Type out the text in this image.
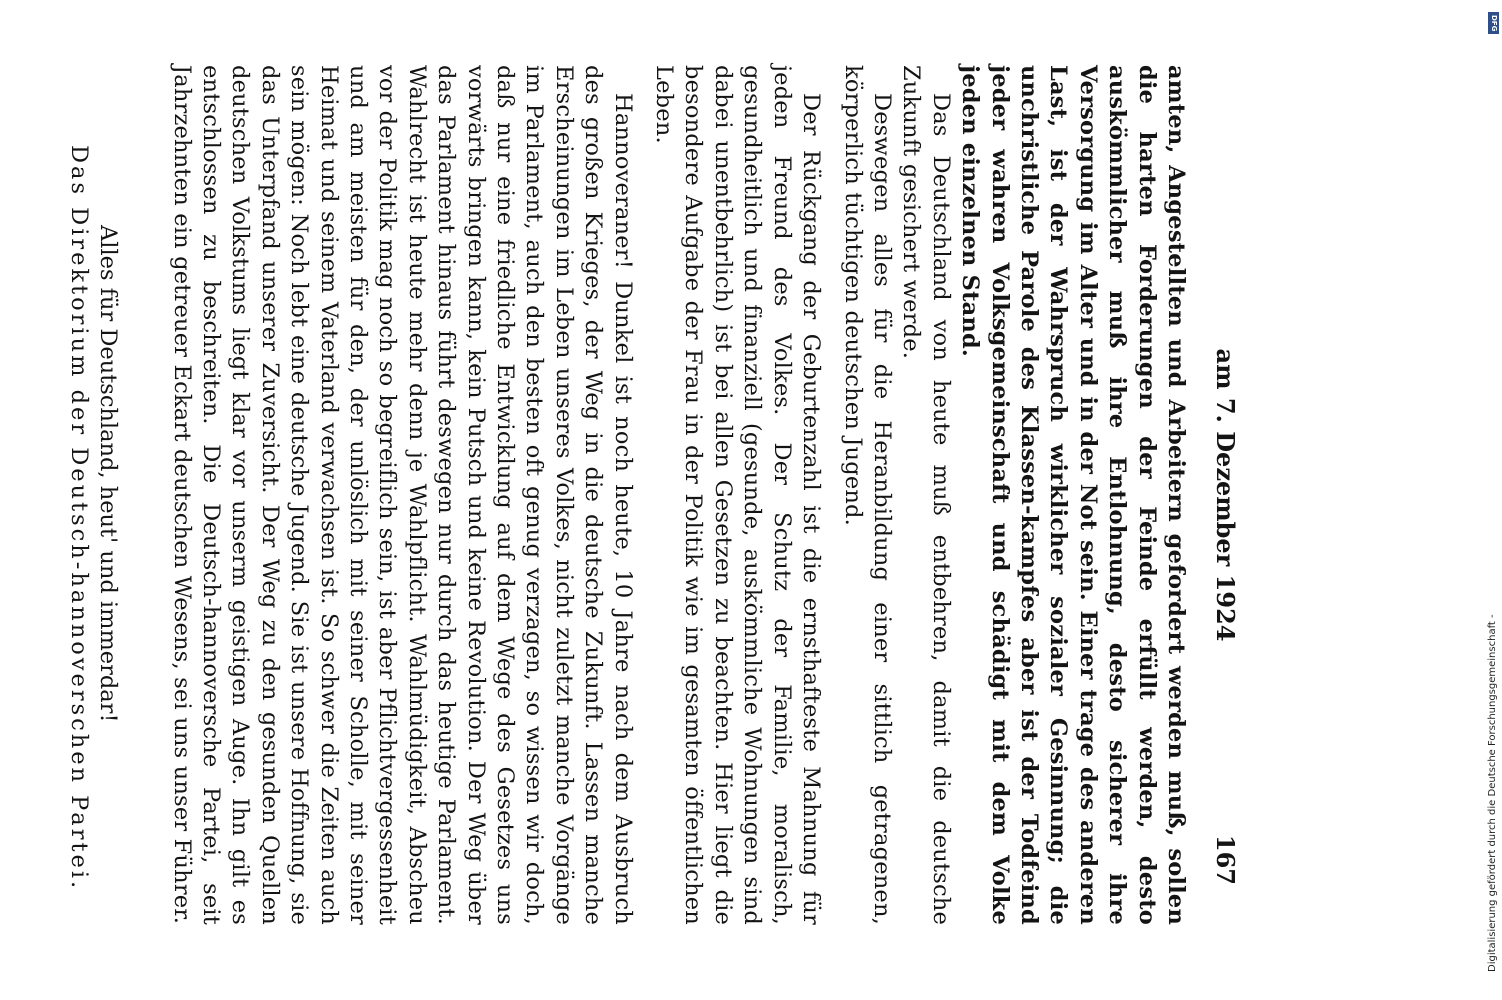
am 7. Dezember 1924
167

amten, Angestellten und Arbeitern gefordert werden muß, sollen die harten Forderungen der Feinde erfüllt werden, desto auskömmlicher muß ihre Entlohnung, desto sicherer ihre Versorgung im Alter und in der Not sein. Einer trage des anderen Last, ist der Wahrspruch wirklicher sozialer Gesinnung; die unchristliche Parole des Klassen-kampfes aber ist der Todfeind jeder wahren Volksgemeinschaft und schädigt mit dem Volke jeden einzelnen Stand.

Das Deutschland von heute muß entbehren, damit die deutsche Zukunft gesichert werde.

Deswegen alles für die Heranbildung einer sittlich getragenen, körperlich tüchtigen deutschen Jugend.

Der Rückgang der Geburtenzahl ist die ernsthafteste Mahnung für jeden Freund des Volkes. Der Schutz der Familie, moralisch, gesundheitlich und finanziell (gesunde, auskömmliche Wohnungen sind dabei unentbehrlich) ist bei allen Gesetzen zu beachten. Hier liegt die besondere Aufgabe der Frau in der Politik wie im gesamten öffentlichen Leben.

Hannoveraner! Dunkel ist noch heute, 10 Jahre nach dem Ausbruch des großen Krieges, der Weg in die deutsche Zukunft. Lassen manche Erscheinungen im Leben unseres Volkes, nicht zuletzt manche Vorgänge im Parlament, auch den besten oft genug verzagen, so wissen wir doch, daß nur eine friedliche Entwicklung auf dem Wege des Gesetzes uns vorwärts bringen kann, kein Putsch und keine Revolution. Der Weg über das Parlament hinaus führt deswegen nur durch das heutige Parlament. Wahlrecht ist heute mehr denn je Wahlpflicht. Wahlmüdigkeit, Abscheu vor der Politik mag noch so begreiflich sein, ist aber Pflichtvergessenheit und am meisten für den, der unlöslich mit seiner Scholle, mit seiner Heimat und seinem Vaterland verwachsen ist. So schwer die Zeiten auch sein mögen: Noch lebt eine deutsche Jugend. Sie ist unsere Hoffnung, sie das Unterpfand unserer Zuversicht. Der Weg zu den gesunden Quellen deutschen Volkstums liegt klar vor unserm geistigen Auge. Ihn gilt es entschlossen zu beschreiten. Die Deutsch-hannoversche Partei, seit Jahrzehnten ein getreuer Eckart deutschen Wesens, sei uns unser Führer.

Alles für Deutschland, heut' und immerdar!
Das Direktorium der Deutsch-hannoverschen Partei.
DFG
Digitalisierung gefördert durch die Deutsche Forschungsgemeinschaft -
